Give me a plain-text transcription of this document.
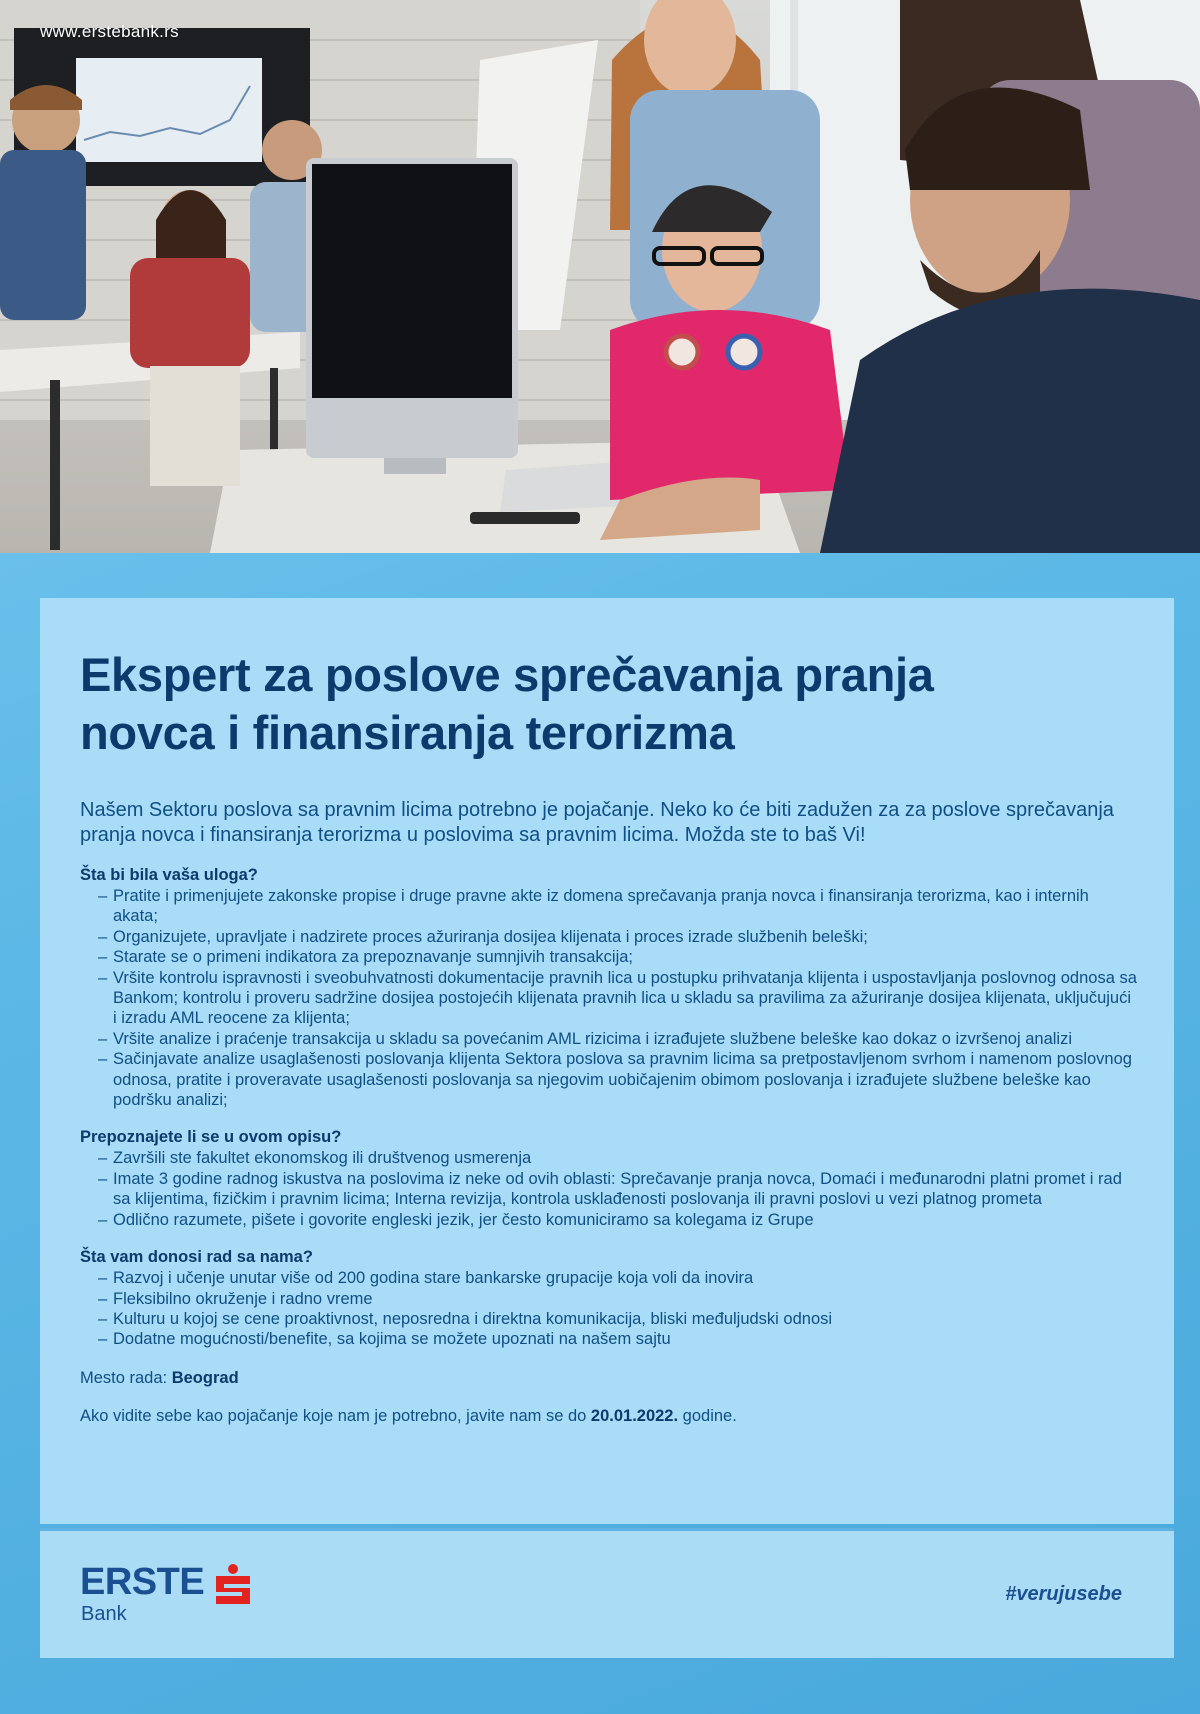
www.erstebank.rs
Ekspert za poslove sprečavanja pranja novca i finansiranja terorizma

Našem Sektoru poslova sa pravnim licima potrebno je pojačanje. Neko ko će biti zadužen za za poslove sprečavanja pranja novca i finansiranja terorizma u poslovima sa pravnim licima. Možda ste to baš Vi!

Šta bi bila vaša uloga?
– Pratite i primenjujete zakonske propise i druge pravne akte iz domena sprečavanja pranja novca i finansiranja terorizma, kao i internih akata;
– Organizujete, upravljate i nadzirete proces ažuriranja dosijea klijenata i proces izrade službenih beleški;
– Starate se o primeni indikatora za prepoznavanje sumnjivih transakcija;
– Vršite kontrolu ispravnosti i sveobuhvatnosti dokumentacije pravnih lica u postupku prihvatanja klijenta i uspostavljanja poslovnog odnosa sa Bankom; kontrolu i proveru sadržine dosijea postojećih klijenata pravnih lica u skladu sa pravilima za ažuriranje dosijea klijenata, uključujući i izradu AML reocene za klijenta;
– Vršite analize i praćenje transakcija u skladu sa povećanim AML rizicima i izrađujete službene beleške kao dokaz o izvršenoj analizi
– Sačinjavate analize usaglašenosti poslovanja klijenta Sektora poslova sa pravnim licima sa pretpostavljenom svrhom i namenom poslovnog odnosa, pratite i proveravate usaglašenosti poslovanja sa njegovim uobičajenim obimom poslovanja i izrađujete službene beleške kao podršku analizi;
Prepoznajete li se u ovom opisu?
– Završili ste fakultet ekonomskog ili društvenog usmerenja
– Imate 3 godine radnog iskustva na poslovima iz neke od ovih oblasti: Sprečavanje pranja novca, Domaći i međunarodni platni promet i rad sa klijentima, fizičkim i pravnim licima; Interna revizija, kontrola usklađenosti poslovanja ili pravni poslovi u vezi platnog prometa
– Odlično razumete, pišete i govorite engleski jezik, jer često komuniciramo sa kolegama iz Grupe
Šta vam donosi rad sa nama?
– Razvoj i učenje unutar više od 200 godina stare bankarske grupacije koja voli da inovira
– Fleksibilno okruženje i radno vreme
– Kulturu u kojoj se cene proaktivnost, neposredna i direktna komunikacija, bliski međuljudski odnosi
– Dodatne mogućnosti/benefite, sa kojima se možete upoznati na našem sajtu

Mesto rada: Beograd

Ako vidite sebe kao pojačanje koje nam je potrebno, javite nam se do 20.01.2022. godine.

ERSTE
Bank
#verujusebe
